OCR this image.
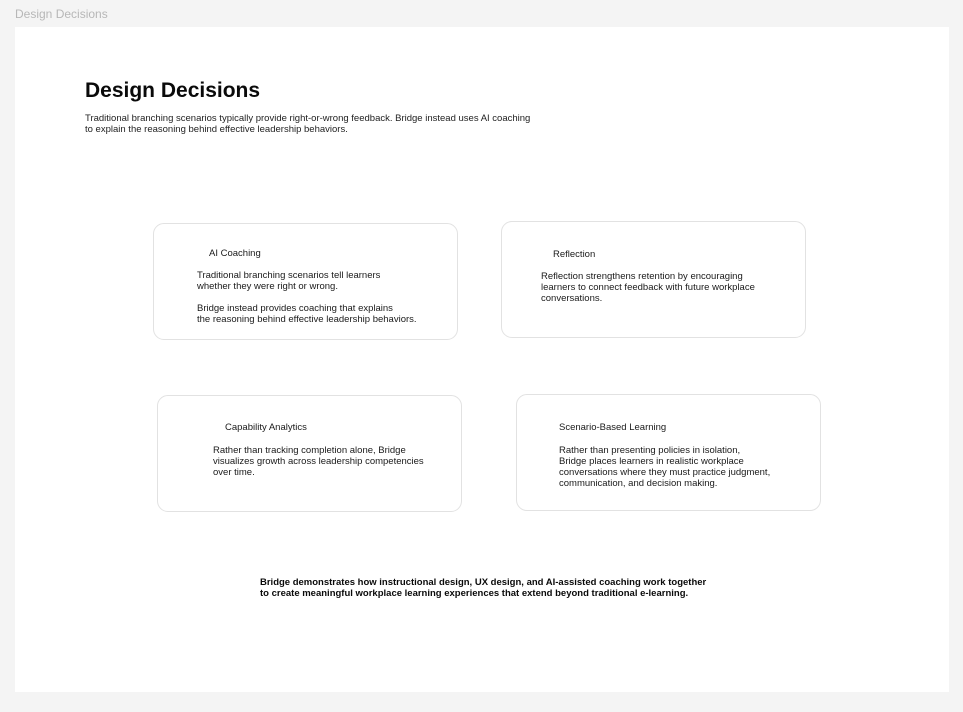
Design Decisions
Design Decisions
Traditional branching scenarios typically provide right-or-wrong feedback. Bridge instead uses AI coaching
to explain the reasoning behind effective leadership behaviors.
AI Coaching
Traditional branching scenarios tell learners
whether they were right or wrong.
Bridge instead provides coaching that explains
the reasoning behind effective leadership behaviors.
Reflection
Reflection strengthens retention by encouraging
learners to connect feedback with future workplace
conversations.
Capability Analytics
Rather than tracking completion alone, Bridge
visualizes growth across leadership competencies
over time.
Scenario-Based Learning
Rather than presenting policies in isolation,
Bridge places learners in realistic workplace
conversations where they must practice judgment,
communication, and decision making.
Bridge demonstrates how instructional design, UX design, and AI-assisted coaching work together
to create meaningful workplace learning experiences that extend beyond traditional e-learning.
